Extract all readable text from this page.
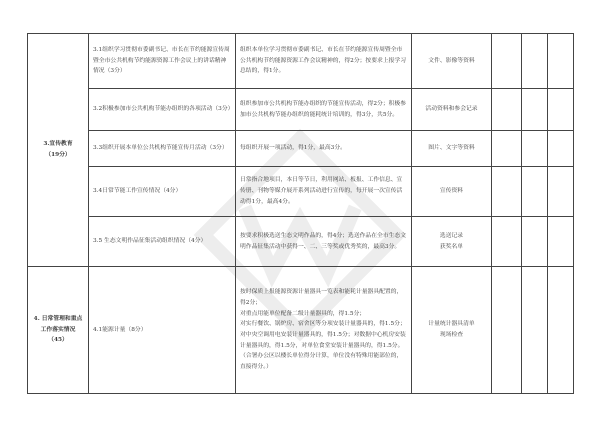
3.宣传教育
（19分）	3.1组织学习贯彻市委副书记、市长在节约能源宣传周暨全市公共机构节约能源资源工作会议上的讲话精神情况（3分）	组织本单位学习贯彻市委副书记、市长在节约能源宣传周暨全市公共机构节约能源资源工作会议精神的，得2分；按要求上报学习总结的，得1分。	文件、影像等资料			
	3.2积极参加市公共机构节能办组织的各项活动（3分）	组织参加市公共机构节能办组织的节能宣传活动，得2分；积极参加市公共机构节能办组织的能耗统计培训的，得3分，共5分。	活动资料和参会记录			
	3.3组织开展本单位公共机构节能宣传月活动（3分）	每组织开展一项活动，得1分，最高3分。	图片、文字等资料			
	3.4日常节能工作宣传情况（4分）	日常指合地项目，本日等节日，利用网站、板报、工作信息、宣传册、刊物等媒介展开系列活动进行宣传的，每开展一次宣传活动得1分，最高4分。	宣传资料			
	3.5 生态文明作品征集活动组织情况（4分）	按要求积极选送生态文明作品的，得4分；选送作品在全市生态文明作品征集活动中获得一、二、三等奖或优秀奖的，最高3分。	选送记录
获奖名单			
4. 日常管理和重点工作落实情况
（45）	4.1能源计量（8分）	按时保质上报能源资源计量器具一览表和能耗计量器具配置的，得2分；
对重点用能单位配备二级计量器具的，得1.5分；
对实行餐饮、锅炉房、宿舍区等分项安装计量器具的，得1.5分；
对中央空调用电安装计量器具的，得1.5分；对数据中心机房安装计量器具的，得1.5分，对单位食堂安装计量器具的，得1.5分。（合署办公区以楼长单位得分计算，单位没有特殊用能部位的，直接得分。）	计量统计器具清单
现场检查			
